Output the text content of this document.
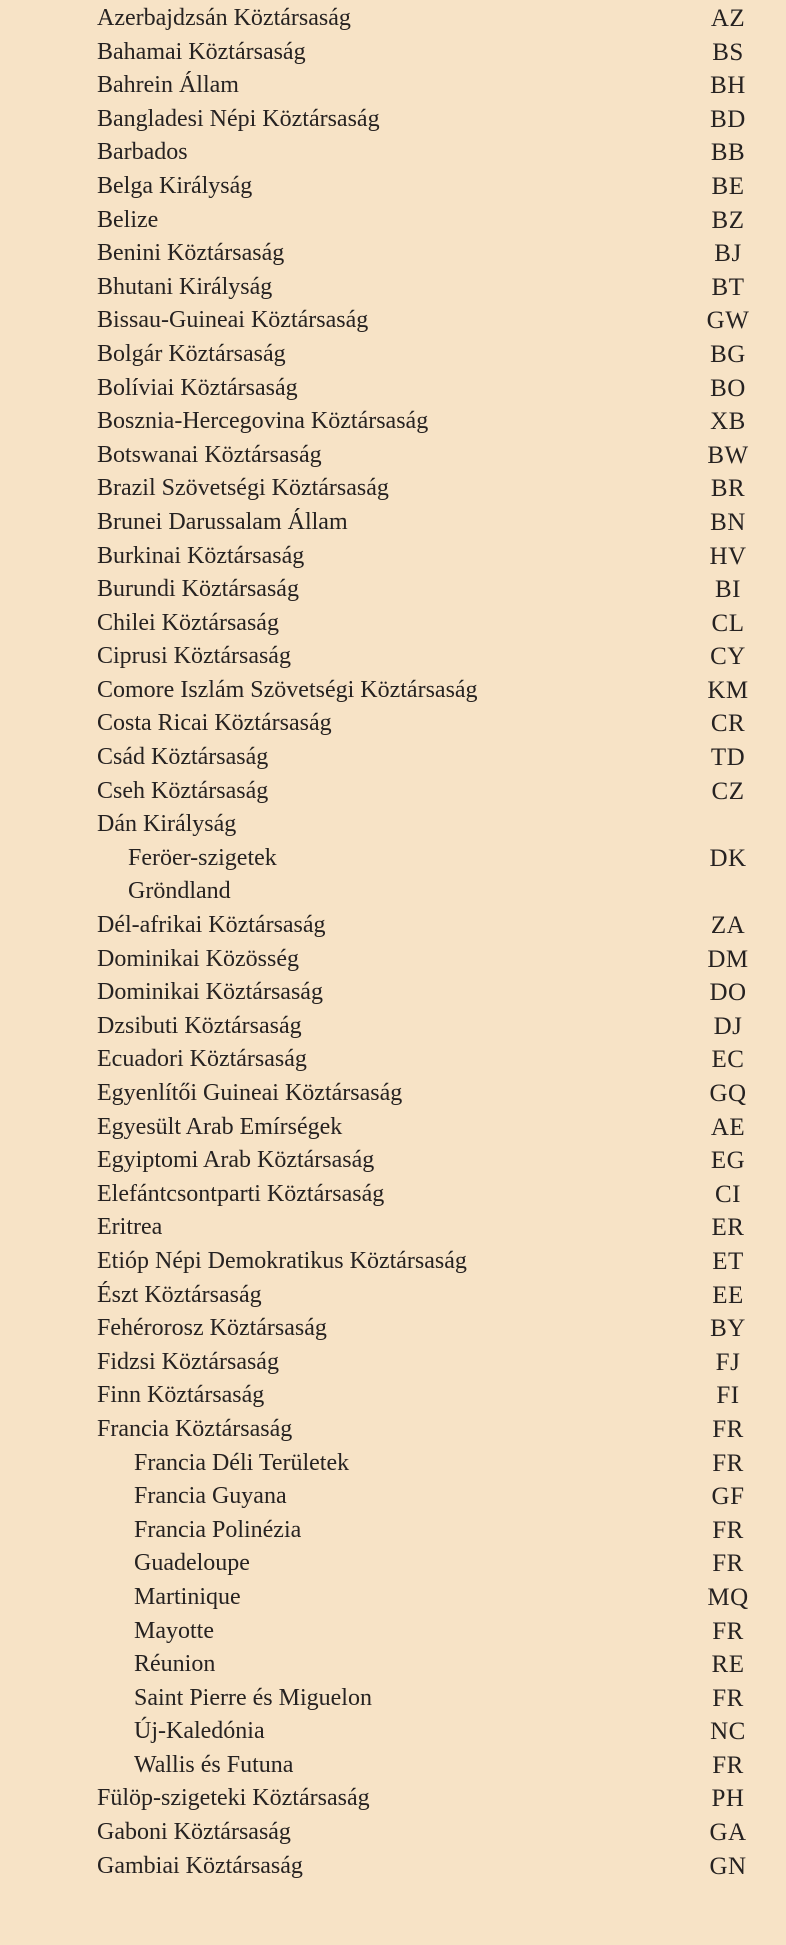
Azerbajdzsán Köztársaság	AZ
Bahamai Köztársaság	BS
Bahrein Állam	BH
Bangladesi Népi Köztársaság	BD
Barbados	BB
Belga Királyság	BE
Belize	BZ
Benini Köztársaság	BJ
Bhutani Királyság	BT
Bissau-Guineai Köztársaság	GW
Bolgár Köztársaság	BG
Bolíviai Köztársaság	BO
Bosznia-Hercegovina Köztársaság	XB
Botswanai Köztársaság	BW
Brazil Szövetségi Köztársaság	BR
Brunei Darussalam Állam	BN
Burkinai Köztársaság	HV
Burundi Köztársaság	BI
Chilei Köztársaság	CL
Ciprusi Köztársaság	CY
Comore Iszlám Szövetségi Köztársaság	KM
Costa Ricai Köztársaság	CR
Csád Köztársaság	TD
Cseh Köztársaság	CZ
Dán Királyság
Feröer-szigetek	DK
Gröndland
Dél-afrikai Köztársaság	ZA
Dominikai Közösség	DM
Dominikai Köztársaság	DO
Dzsibuti Köztársaság	DJ
Ecuadori Köztársaság	EC
Egyenlítői Guineai Köztársaság	GQ
Egyesült Arab Emírségek	AE
Egyiptomi Arab Köztársaság	EG
Elefántcsontparti Köztársaság	CI
Eritrea	ER
Etióp Népi Demokratikus Köztársaság	ET
Észt Köztársaság	EE
Fehérorosz Köztársaság	BY
Fidzsi Köztársaság	FJ
Finn Köztársaság	FI
Francia Köztársaság	FR
Francia Déli Területek	FR
Francia Guyana	GF
Francia Polinézia	FR
Guadeloupe	FR
Martinique	MQ
Mayotte	FR
Réunion	RE
Saint Pierre és Miguelon	FR
Új-Kaledónia	NC
Wallis és Futuna	FR
Fülöp-szigeteki Köztársaság	PH
Gaboni Köztársaság	GA
Gambiai Köztársaság	GN
